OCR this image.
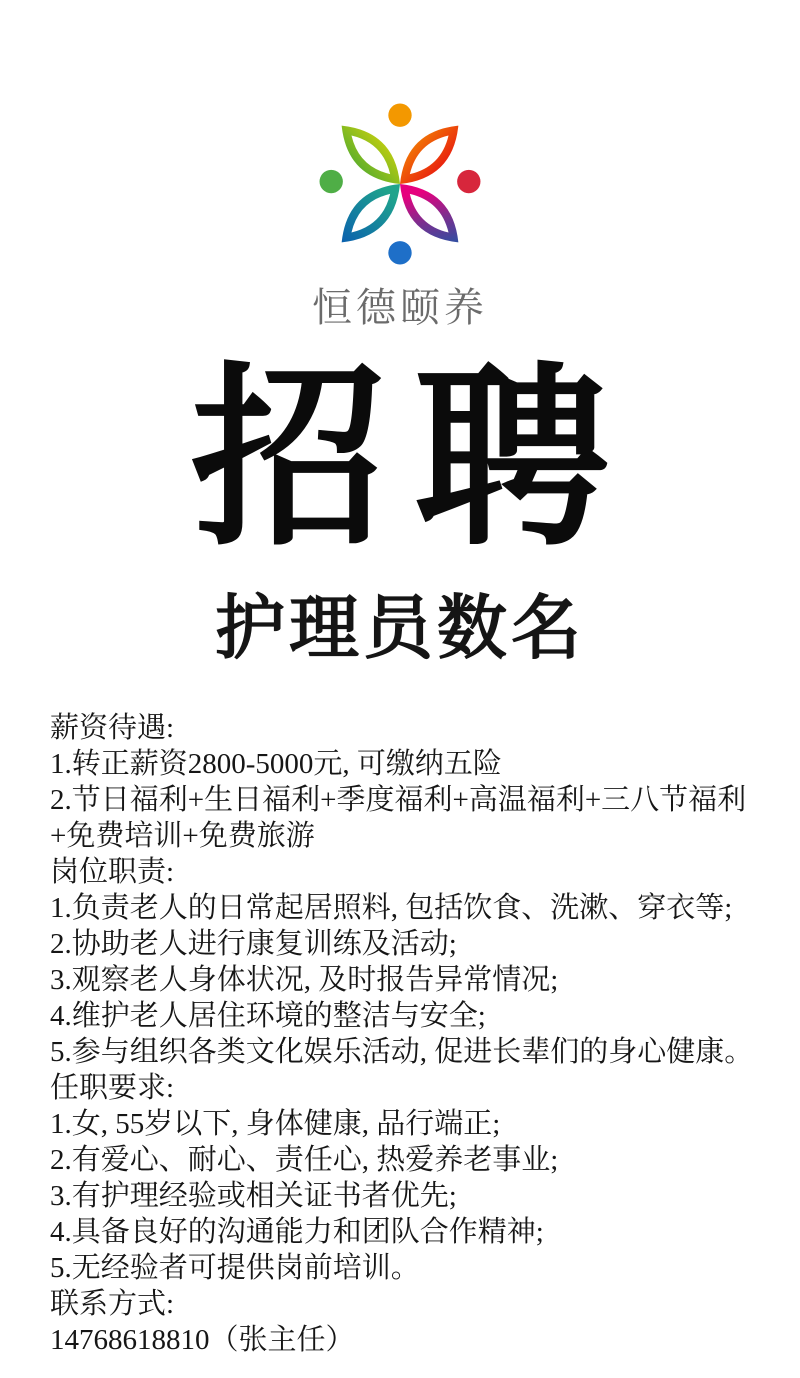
恒德颐养
招聘
护理员数名

薪资待遇:

1.转正薪资2800-5000元, 可缴纳五险

2.节日福利+生日福利+季度福利+高温福利+三八节福利

+免费培训+免费旅游

岗位职责:

1.负责老人的日常起居照料, 包括饮食、洗漱、穿衣等;

2.协助老人进行康复训练及活动;

3.观察老人身体状况, 及时报告异常情况;

4.维护老人居住环境的整洁与安全;

5.参与组织各类文化娱乐活动, 促进长辈们的身心健康。

任职要求:

1.女, 55岁以下, 身体健康, 品行端正;

2.有爱心、耐心、责任心, 热爱养老事业;

3.有护理经验或相关证书者优先;

4.具备良好的沟通能力和团队合作精神;

5.无经验者可提供岗前培训。

联系方式:

14768618810（张主任）
